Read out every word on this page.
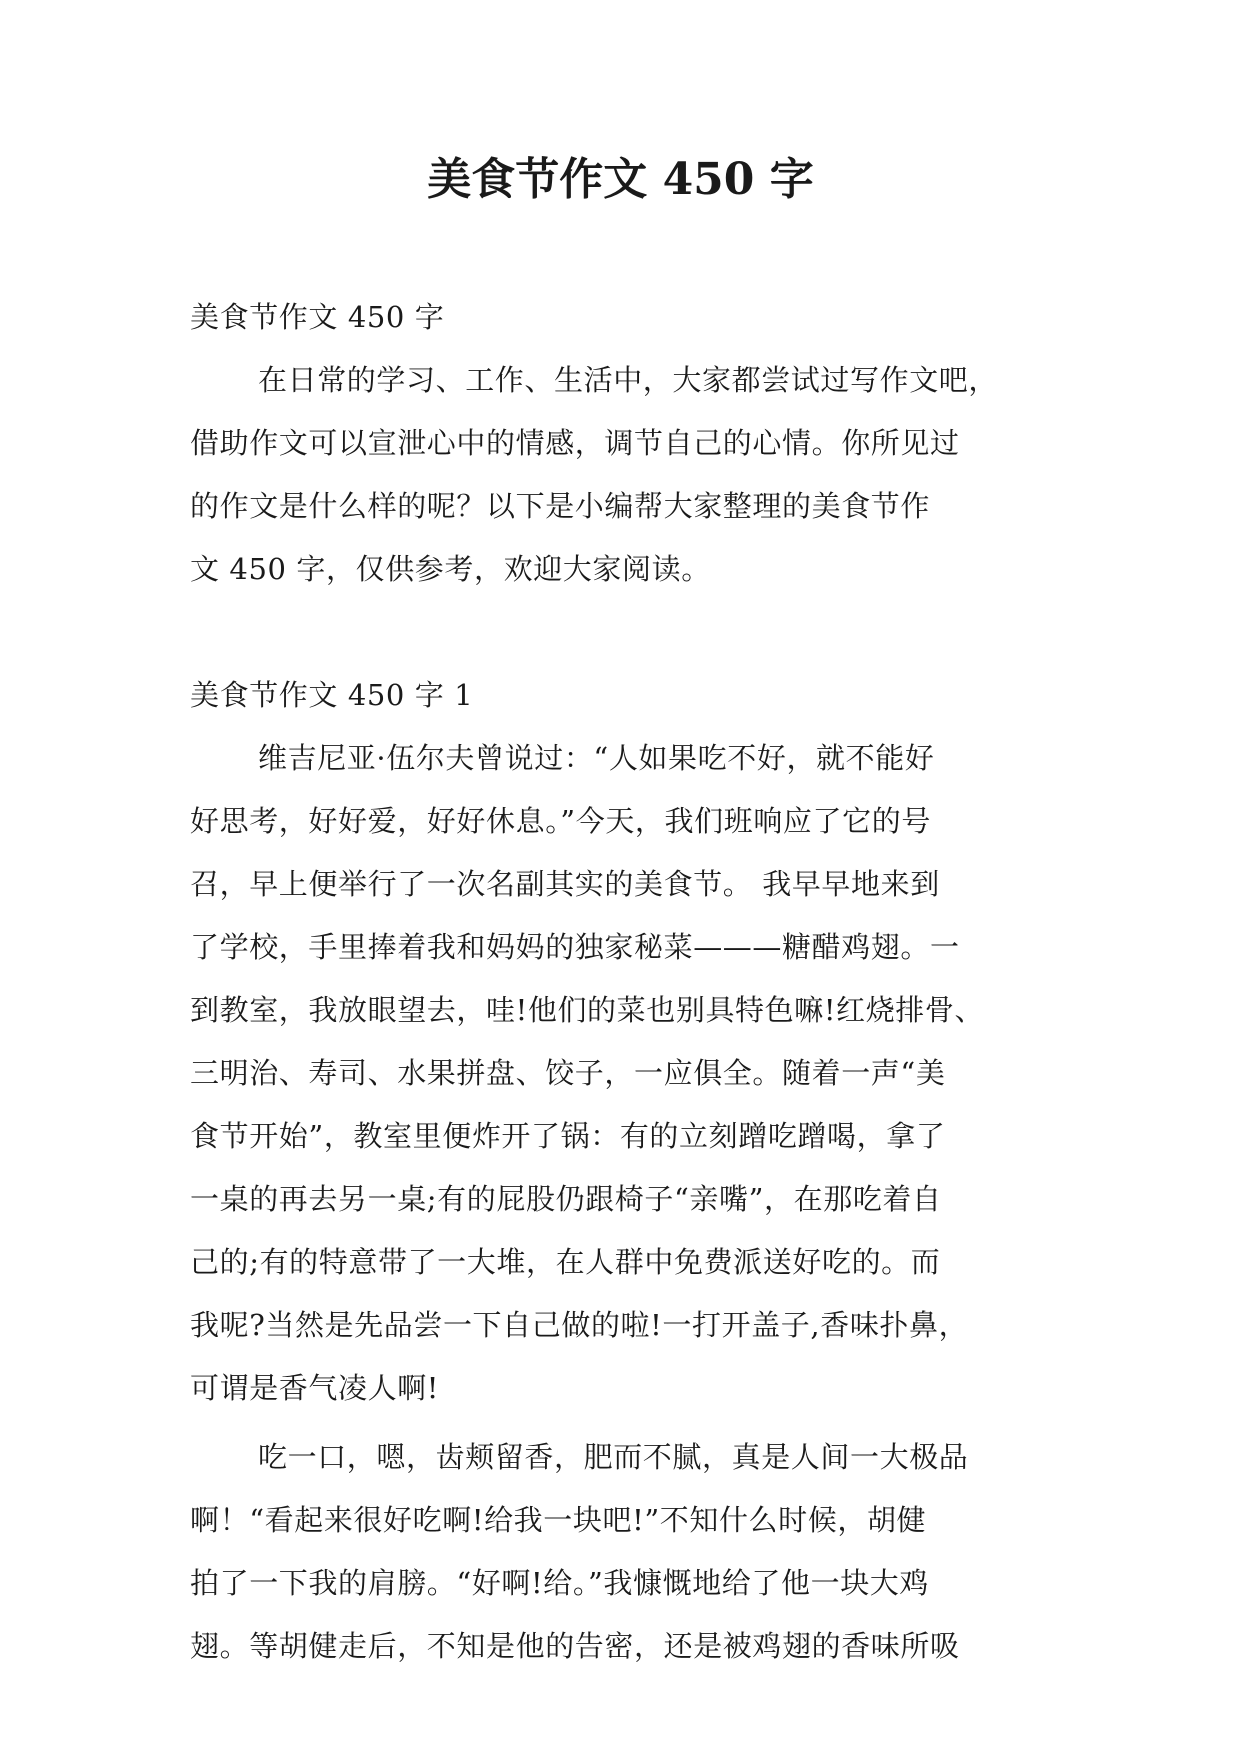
美食节作文 450 字

美食节作文 450 字

在日常的学习、工作、生活中，大家都尝试过写作文吧，

借助作文可以宣泄心中的情感，调节自己的心情。你所见过

的作文是什么样的呢？以下是小编帮大家整理的美食节作

文 450 字，仅供参考，欢迎大家阅读。

美食节作文 450 字 1

维吉尼亚·伍尔夫曾说过：“人如果吃不好，就不能好

好思考，好好爱，好好休息。”今天，我们班响应了它的号

召，早上便举行了一次名副其实的美食节。 我早早地来到

了学校，手里捧着我和妈妈的独家秘菜———糖醋鸡翅。一

到教室，我放眼望去，哇!他们的菜也别具特色嘛!红烧排骨、

三明治、寿司、水果拼盘、饺子，一应俱全。随着一声“美

食节开始”，教室里便炸开了锅：有的立刻蹭吃蹭喝，拿了

一桌的再去另一桌;有的屁股仍跟椅子“亲嘴”，在那吃着自

己的;有的特意带了一大堆，在人群中免费派送好吃的。而

我呢?当然是先品尝一下自己做的啦!一打开盖子,香味扑鼻，

可谓是香气凌人啊!

吃一口，嗯，齿颊留香，肥而不腻，真是人间一大极品

啊！“看起来很好吃啊!给我一块吧!”不知什么时候，胡健

拍了一下我的肩膀。“好啊!给。”我慷慨地给了他一块大鸡

翅。等胡健走后，不知是他的告密，还是被鸡翅的香味所吸
